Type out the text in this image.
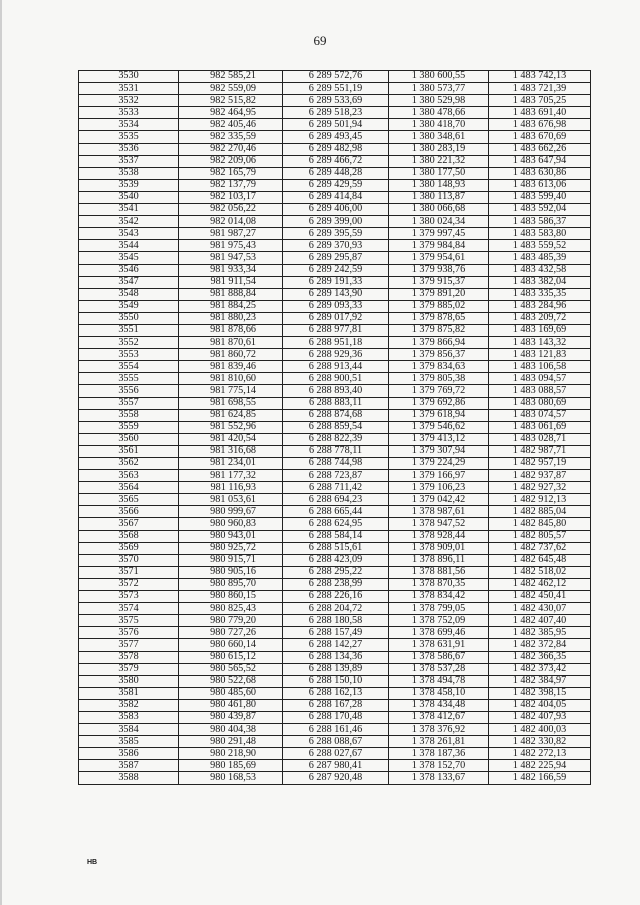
69
3530	982 585,21	6 289 572,76	1 380 600,55	1 483 742,13
3531	982 559,09	6 289 551,19	1 380 573,77	1 483 721,39
3532	982 515,82	6 289 533,69	1 380 529,98	1 483 705,25
3533	982 464,95	6 289 518,23	1 380 478,66	1 483 691,40
3534	982 405,46	6 289 501,94	1 380 418,70	1 483 676,98
3535	982 335,59	6 289 493,45	1 380 348,61	1 483 670,69
3536	982 270,46	6 289 482,98	1 380 283,19	1 483 662,26
3537	982 209,06	6 289 466,72	1 380 221,32	1 483 647,94
3538	982 165,79	6 289 448,28	1 380 177,50	1 483 630,86
3539	982 137,79	6 289 429,59	1 380 148,93	1 483 613,06
3540	982 103,17	6 289 414,84	1 380 113,87	1 483 599,40
3541	982 056,22	6 289 406,00	1 380 066,68	1 483 592,04
3542	982 014,08	6 289 399,00	1 380 024,34	1 483 586,37
3543	981 987,27	6 289 395,59	1 379 997,45	1 483 583,80
3544	981 975,43	6 289 370,93	1 379 984,84	1 483 559,52
3545	981 947,53	6 289 295,87	1 379 954,61	1 483 485,39
3546	981 933,34	6 289 242,59	1 379 938,76	1 483 432,58
3547	981 911,54	6 289 191,33	1 379 915,37	1 483 382,04
3548	981 888,84	6 289 143,90	1 379 891,20	1 483 335,35
3549	981 884,25	6 289 093,33	1 379 885,02	1 483 284,96
3550	981 880,23	6 289 017,92	1 379 878,65	1 483 209,72
3551	981 878,66	6 288 977,81	1 379 875,82	1 483 169,69
3552	981 870,61	6 288 951,18	1 379 866,94	1 483 143,32
3553	981 860,72	6 288 929,36	1 379 856,37	1 483 121,83
3554	981 839,46	6 288 913,44	1 379 834,63	1 483 106,58
3555	981 810,60	6 288 900,51	1 379 805,38	1 483 094,57
3556	981 775,14	6 288 893,40	1 379 769,72	1 483 088,57
3557	981 698,55	6 288 883,11	1 379 692,86	1 483 080,69
3558	981 624,85	6 288 874,68	1 379 618,94	1 483 074,57
3559	981 552,96	6 288 859,54	1 379 546,62	1 483 061,69
3560	981 420,54	6 288 822,39	1 379 413,12	1 483 028,71
3561	981 316,68	6 288 778,11	1 379 307,94	1 482 987,71
3562	981 234,01	6 288 744,98	1 379 224,29	1 482 957,19
3563	981 177,32	6 288 723,87	1 379 166,97	1 482 937,87
3564	981 116,93	6 288 711,42	1 379 106,23	1 482 927,32
3565	981 053,61	6 288 694,23	1 379 042,42	1 482 912,13
3566	980 999,67	6 288 665,44	1 378 987,61	1 482 885,04
3567	980 960,83	6 288 624,95	1 378 947,52	1 482 845,80
3568	980 943,01	6 288 584,14	1 378 928,44	1 482 805,57
3569	980 925,72	6 288 515,61	1 378 909,01	1 482 737,62
3570	980 915,71	6 288 423,09	1 378 896,11	1 482 645,48
3571	980 905,16	6 288 295,22	1 378 881,56	1 482 518,02
3572	980 895,70	6 288 238,99	1 378 870,35	1 482 462,12
3573	980 860,15	6 288 226,16	1 378 834,42	1 482 450,41
3574	980 825,43	6 288 204,72	1 378 799,05	1 482 430,07
3575	980 779,20	6 288 180,58	1 378 752,09	1 482 407,40
3576	980 727,26	6 288 157,49	1 378 699,46	1 482 385,95
3577	980 660,14	6 288 142,27	1 378 631,91	1 482 372,84
3578	980 615,12	6 288 134,36	1 378 586,67	1 482 366,35
3579	980 565,52	6 288 139,89	1 378 537,28	1 482 373,42
3580	980 522,68	6 288 150,10	1 378 494,78	1 482 384,97
3581	980 485,60	6 288 162,13	1 378 458,10	1 482 398,15
3582	980 461,80	6 288 167,28	1 378 434,48	1 482 404,05
3583	980 439,87	6 288 170,48	1 378 412,67	1 482 407,93
3584	980 404,38	6 288 161,46	1 378 376,92	1 482 400,03
3585	980 291,48	6 288 088,67	1 378 261,81	1 482 330,82
3586	980 218,90	6 288 027,67	1 378 187,36	1 482 272,13
3587	980 185,69	6 287 980,41	1 378 152,70	1 482 225,94
3588	980 168,53	6 287 920,48	1 378 133,67	1 482 166,59
НВ
